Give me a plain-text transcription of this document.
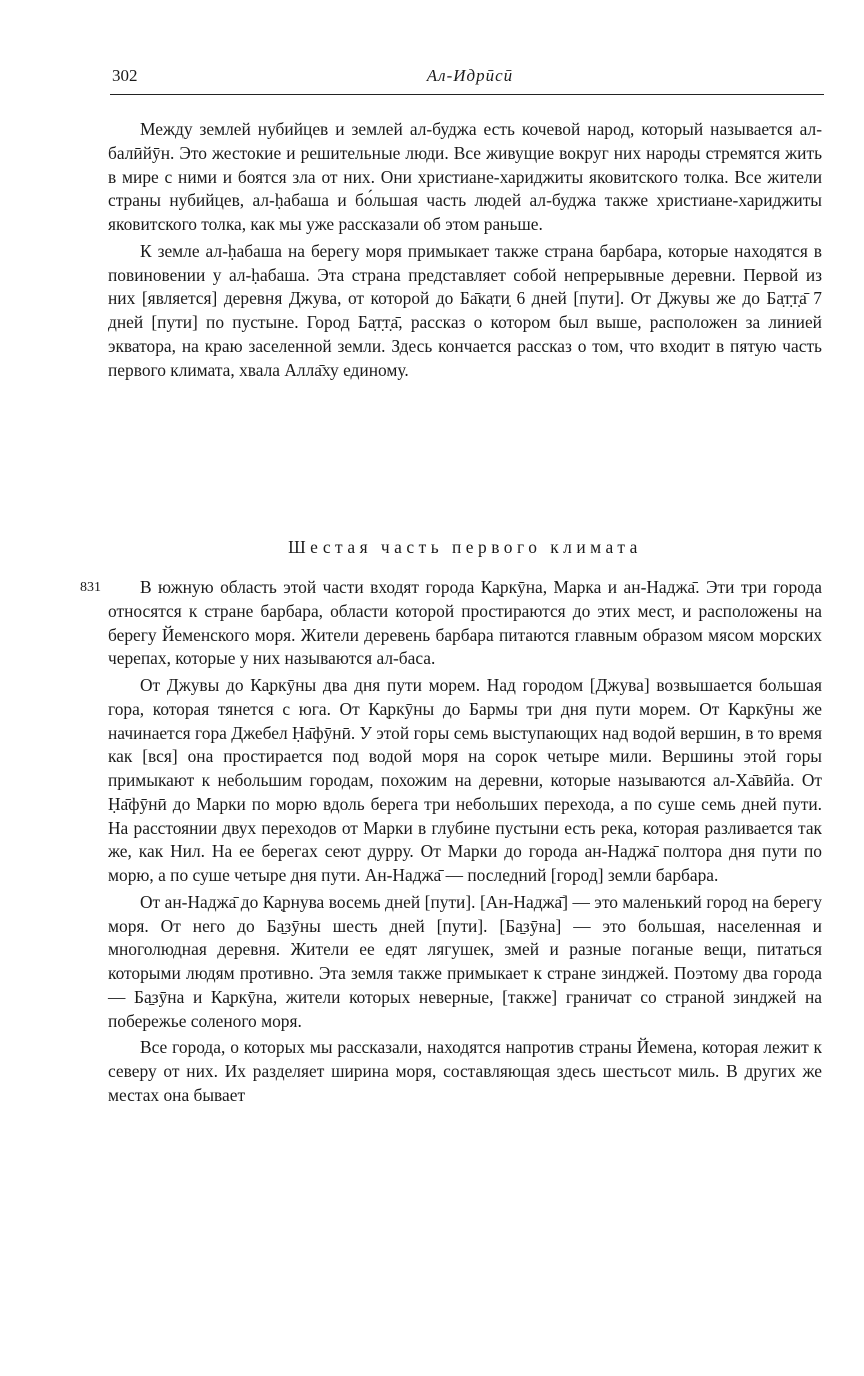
302	Ал-Идрӣсӣ

Между землей нубийцев и землей ал-буджа есть кочевой народ, который называется ал-балӣйӯн. Это жестокие и решительные люди. Все живущие вокруг них народы стремятся жить в мире с ними и боятся зла от них. Они христиане-хариджиты яковитского толка. Все жители страны нубийцев, ал-ḥабаша и бо́льшая часть людей ал-буджа также христиане-хариджиты яковитского толка, как мы уже рассказали об этом раньше.

К земле ал-ḥабаша на берегу моря примыкает также страна барбара, которые находятся в повиновении у ал-ḥабаша. Эта страна представляет собой непрерывные деревни. Первой из них [является] деревня Джува, от которой до Ба̄ка̣ти̣ 6 дней [пути]. От Джувы же до Ба̣т̣т̣а̄ 7 дней [пути] по пустыне. Город Ба̣т̣т̣а̄, рассказ о котором был выше, расположен за линией экватора, на краю заселенной земли. Здесь кончается рассказ о том, что входит в пятую часть первого климата, хвала Алла̄ху единому.

Шестая часть первого климата
831	В южную область этой части входят города Ка̣ркӯна, Марка и ан-Наджа̄. Эти три города относятся к стране барбара, области которой простираются до этих мест, и расположены на берегу Йеменского моря. Жители деревень барбара питаются главным образом мясом морских черепах, которые у них называются ал-баса.

От Джувы до Ка̣ркӯны два дня пути морем. Над городом [Джува] возвышается большая гора, которая тянется с юга. От Ка̣ркӯны до Бармы три дня пути морем. От Ка̣ркӯны же начинается гора Джебел Ḥа̄фӯнӣ. У этой горы семь выступающих над водой вершин, в то время как [вся] она простирается под водой моря на сорок четыре мили. Вершины этой горы примыкают к небольшим городам, похожим на деревни, которые называются ал-Ха̄вӣйа. От Ḥа̄фӯнӣ до Марки по морю вдоль берега три небольших перехода, а по суше семь дней пути. На расстоянии двух переходов от Марки в глубине пустыни есть река, которая разливается так же, как Нил. На ее берегах сеют дурру. От Марки до города ан-Наджа̄ полтора дня пути по морю, а по суше четыре дня пути. Ан-Наджа̄ — последний [город] земли барбара.

От ан-Наджа̄ до Ка̣рнува восемь дней [пути]. [Ан-Наджа̄] — это маленький город на берегу моря. От него до Ба̱зӯны шесть дней [пути]. [Ба̱зӯна] — это большая, населенная и многолюдная деревня. Жители ее едят лягушек, змей и разные поганые вещи, питаться которыми людям противно. Эта земля также примыкает к стране зинджей. Поэтому два города — Ба̱зӯна и Ка̣ркӯна, жители которых неверные, [также] граничат со страной зинджей на побережье соленого моря.

Все города, о которых мы рассказали, находятся напротив страны Йемена, которая лежит к северу от них. Их разделяет ширина моря, составляющая здесь шестьсот миль. В других же местах она бывает
